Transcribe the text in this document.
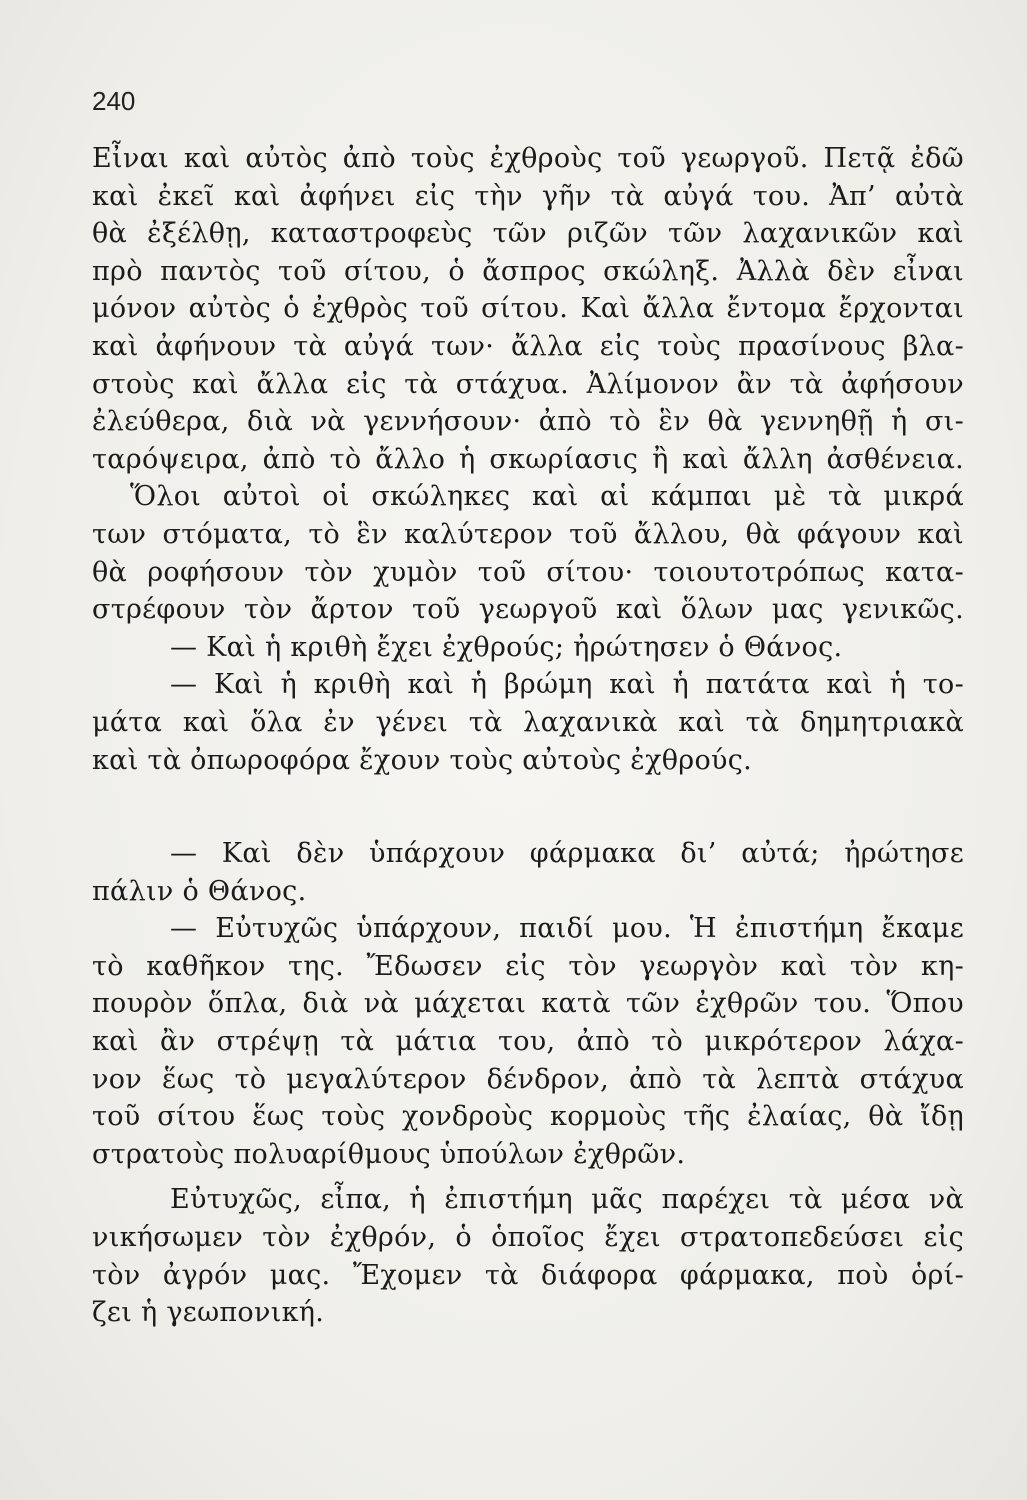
240
Εἶναι καὶ αὐτὸς ἀπὸ τοὺς ἐχθροὺς τοῦ γεωργοῦ. Πετᾷ ἐδῶ
καὶ ἐκεῖ καὶ ἀφήνει εἰς τὴν γῆν τὰ αὐγά του. Ἀπ’ αὐτὰ
θὰ ἐξέλθῃ, καταστροφεὺς τῶν ριζῶν τῶν λαχανικῶν καὶ
πρὸ παντὸς τοῦ σίτου, ὁ ἄσπρος σκώληξ. Ἀλλὰ δὲν εἶναι
μόνον αὐτὸς ὁ ἐχθρὸς τοῦ σίτου. Καὶ ἄλλα ἔντομα ἔρχονται
καὶ ἀφήνουν τὰ αὐγά των· ἄλλα εἰς τοὺς πρασίνους βλα-
στοὺς καὶ ἄλλα εἰς τὰ στάχυα. Ἀλίμονον ἂν τὰ ἀφήσουν
ἐλεύθερα, διὰ νὰ γεννήσουν· ἀπὸ τὸ ἓν θὰ γεννηθῇ ἡ σι-
ταρόψειρα, ἀπὸ τὸ ἄλλο ἡ σκωρίασις ἢ καὶ ἄλλη ἀσθένεια.
Ὅλοι αὐτοὶ οἱ σκώληκες καὶ αἱ κάμπαι μὲ τὰ μικρά
των στόματα, τὸ ἓν καλύτερον τοῦ ἄλλου, θὰ φάγουν καὶ
θὰ ροφήσουν τὸν χυμὸν τοῦ σίτου· τοιουτοτρόπως κατα-
στρέφουν τὸν ἄρτον τοῦ γεωργοῦ καὶ ὅλων μας γενικῶς.
— Καὶ ἡ κριθὴ ἔχει ἐχθρούς; ἠρώτησεν ὁ Θάνος.
— Καὶ ἡ κριθὴ καὶ ἡ βρώμη καὶ ἡ πατάτα καὶ ἡ το-
μάτα καὶ ὅλα ἐν γένει τὰ λαχανικὰ καὶ τὰ δημητριακὰ
καὶ τὰ ὀπωροφόρα ἔχουν τοὺς αὐτοὺς ἐχθρούς.
— Καὶ δὲν ὑπάρχουν φάρμακα δι’ αὐτά; ἠρώτησε
πάλιν ὁ Θάνος.
— Εὐτυχῶς ὑπάρχουν, παιδί μου. Ἡ ἐπιστήμη ἔκαμε
τὸ καθῆκον της. Ἔδωσεν εἰς τὸν γεωργὸν καὶ τὸν κη-
πουρὸν ὅπλα, διὰ νὰ μάχεται κατὰ τῶν ἐχθρῶν του. Ὅπου
καὶ ἂν στρέψῃ τὰ μάτια του, ἀπὸ τὸ μικρότερον λάχα-
νον ἕως τὸ μεγαλύτερον δένδρον, ἀπὸ τὰ λεπτὰ στάχυα
τοῦ σίτου ἕως τοὺς χονδροὺς κορμοὺς τῆς ἐλαίας, θὰ ἴδῃ
στρατοὺς πολυαρίθμους ὑπούλων ἐχθρῶν.
Εὐτυχῶς, εἶπα, ἡ ἐπιστήμη μᾶς παρέχει τὰ μέσα νὰ
νικήσωμεν τὸν ἐχθρόν, ὁ ὁποῖος ἔχει στρατοπεδεύσει εἰς
τὸν ἀγρόν μας. Ἔχομεν τὰ διάφορα φάρμακα, ποὺ ὁρί-
ζει ἡ γεωπονική.
